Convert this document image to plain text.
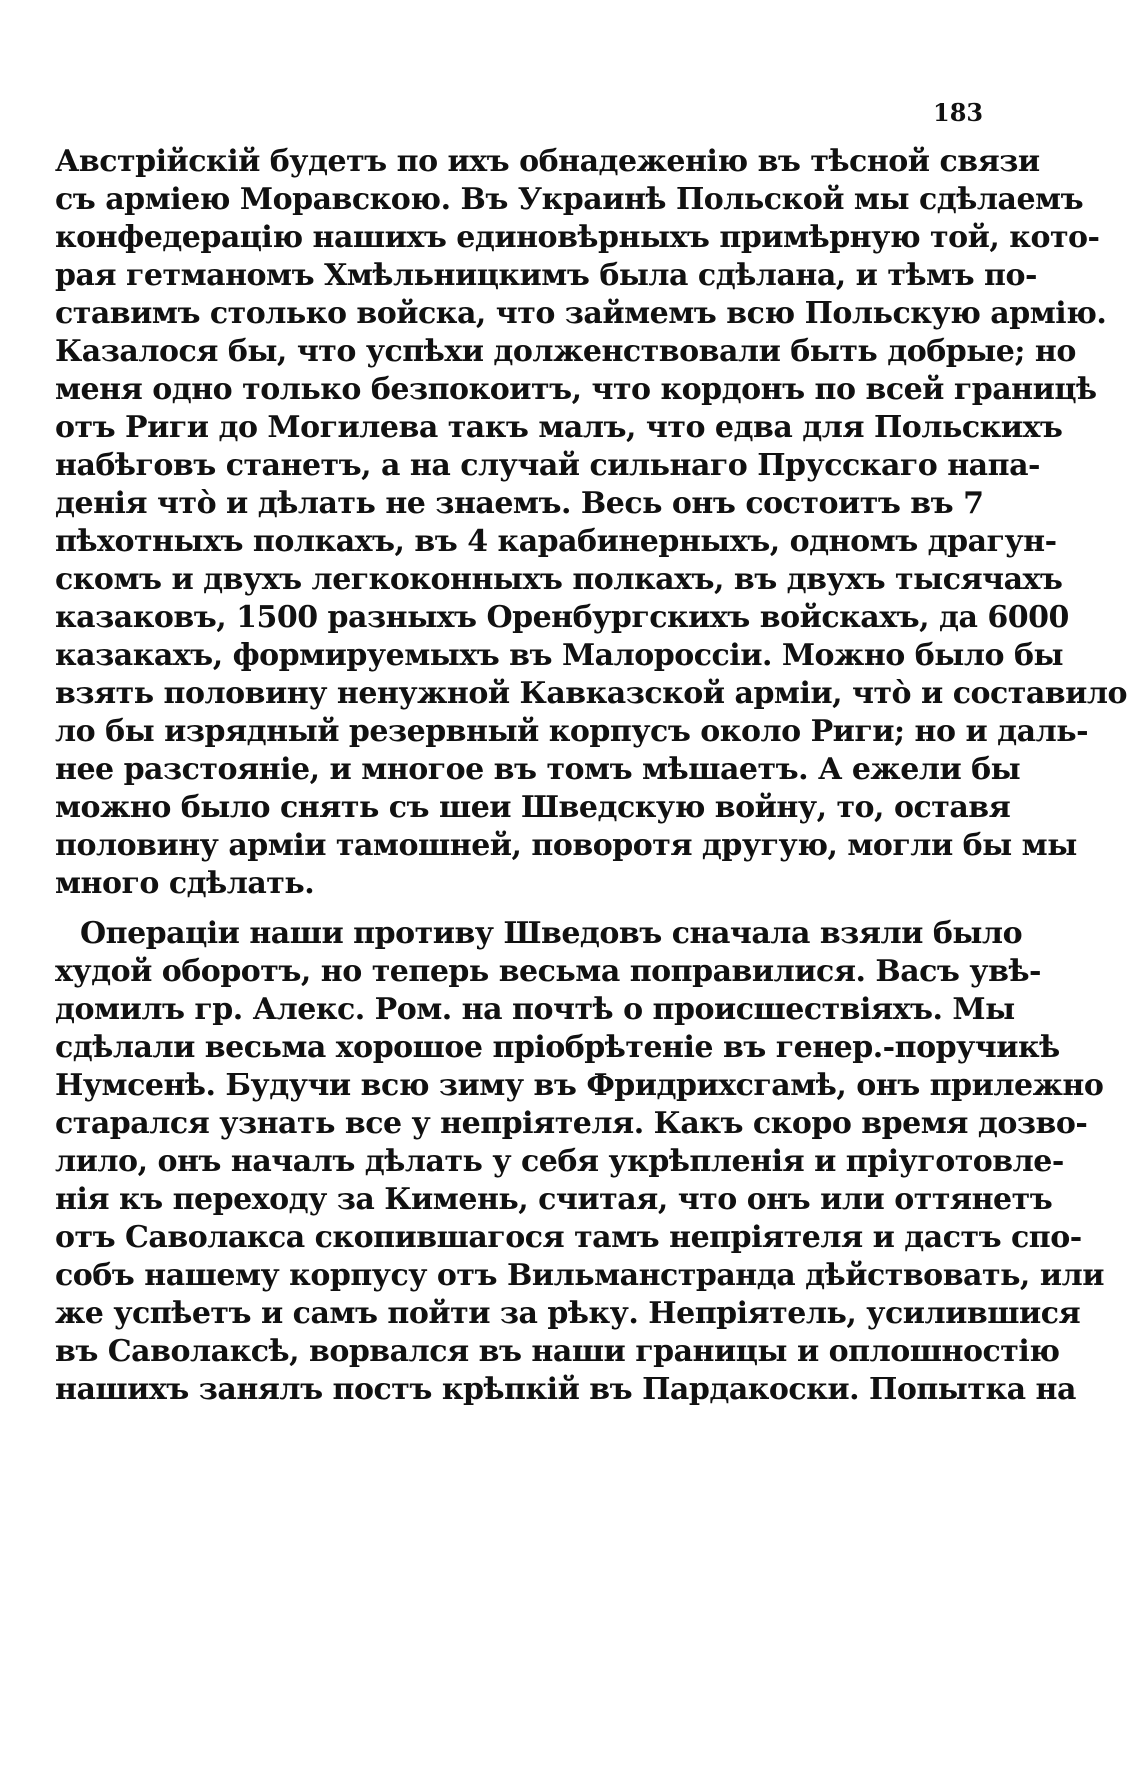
183
Австрійскій будетъ по ихъ обнадеженію въ тѣсной связи
съ арміею Моравскою. Въ Украинѣ Польской мы сдѣлаемъ
конфедерацію нашихъ единовѣрныхъ примѣрную той, кото-
рая гетманомъ Хмѣльницкимъ была сдѣлана, и тѣмъ по-
ставимъ столько войска, что займемъ всю Польскую армію.
Казалося бы, что успѣхи долженствовали быть добрые; но
меня одно только безпокоитъ, что кордонъ по всей границѣ
отъ Риги до Могилева такъ малъ, что едва для Польскихъ
набѣговъ станетъ, а на случай сильнаго Прусскаго напа-
денія что̀ и дѣлать не знаемъ. Весь онъ состоитъ въ 7
пѣхотныхъ полкахъ, въ 4 карабинерныхъ, одномъ драгун-
скомъ и двухъ легкоконныхъ полкахъ, въ двухъ тысячахъ
казаковъ, 1500 разныхъ Оренбургскихъ войскахъ, да 6000
казакахъ, формируемыхъ въ Малороссіи. Можно было бы
взять половину ненужной Кавказской арміи, что̀ и составило
ло бы изрядный резервный корпусъ около Риги; но и даль-
нее разстояніе, и многое въ томъ мѣшаетъ. А ежели бы
можно было снять съ шеи Шведскую войну, то, оставя
половину арміи тамошней, поворотя другую, могли бы мы
много сдѣлать.
Операціи наши противу Шведовъ сначала взяли было
худой оборотъ, но теперь весьма поправилися. Васъ увѣ-
домилъ гр. Алекс. Ром. на почтѣ о происшествіяхъ. Мы
сдѣлали весьма хорошое пріобрѣтеніе въ генер.-поручикѣ
Нумсенѣ. Будучи всю зиму въ Фридрихсгамѣ, онъ прилежно
старался узнать все у непріятеля. Какъ скоро время дозво-
лило, онъ началъ дѣлать у себя укрѣпленія и пріуготовле-
нія къ переходу за Кимень, считая, что онъ или оттянетъ
отъ Саволакса скопившагося тамъ непріятеля и дастъ спо-
собъ нашему корпусу отъ Вильманстранда дѣйствовать, или
же успѣетъ и самъ пойти за рѣку. Непріятель, усилившися
въ Саволаксѣ, ворвался въ наши границы и оплошностію
нашихъ занялъ постъ крѣпкій въ Пардакоски. Попытка на
